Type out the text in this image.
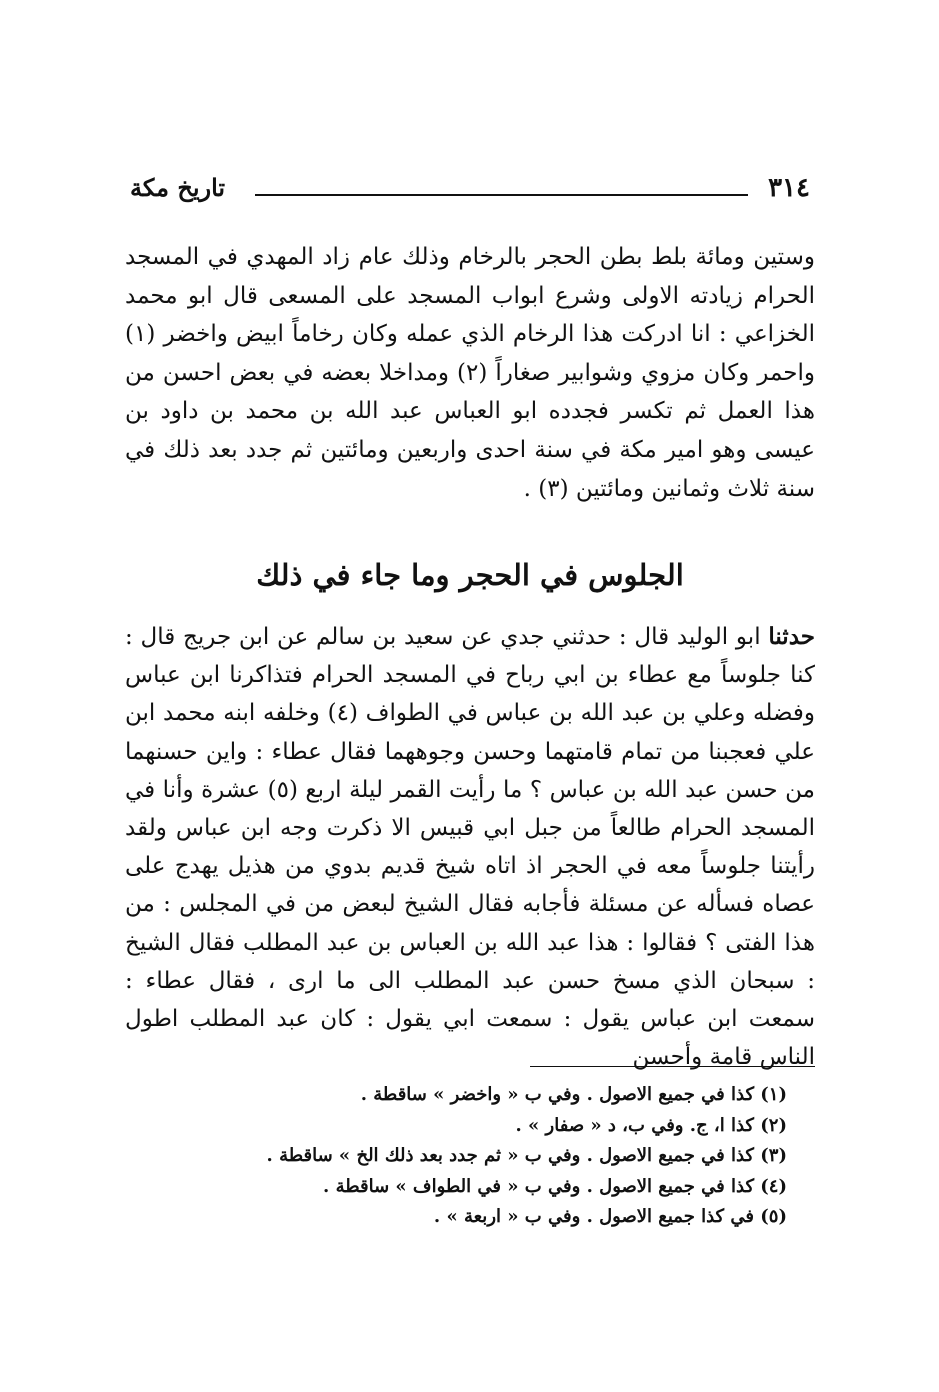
٣١٤
تاريخ مكة

وستين ومائة بلط بطن الحجر بالرخام وذلك عام زاد المهدي في المسجد الحرام زيادته الاولى وشرع ابواب المسجد على المسعى قال ابو محمد الخزاعي : انا ادركت هذا الرخام الذي عمله وكان رخاماً ابيض واخضر (١) واحمر وكان مزوي وشوابير صغاراً (٢) ومداخلا بعضه في بعض احسن من هذا العمل ثم تكسر فجدده ابو العباس عبد الله بن محمد بن داود بن عيسى وهو امير مكة في سنة احدى واربعين ومائتين ثم جدد بعد ذلك في سنة ثلاث وثمانين ومائتين (٣) .

الجلوس في الحجر وما جاء في ذلك

حدثنا ابو الوليد قال : حدثني جدي عن سعيد بن سالم عن ابن جريج قال : كنا جلوساً مع عطاء بن ابي رباح في المسجد الحرام فتذاكرنا ابن عباس وفضله وعلي بن عبد الله بن عباس في الطواف (٤) وخلفه ابنه محمد ابن علي فعجبنا من تمام قامتهما وحسن وجوههما فقال عطاء : واين حسنهما من حسن عبد الله بن عباس ؟ ما رأيت القمر ليلة اربع (٥) عشرة وأنا في المسجد الحرام طالعاً من جبل ابي قبيس الا ذكرت وجه ابن عباس ولقد رأيتنا جلوساً معه في الحجر اذ اتاه شيخ قديم بدوي من هذيل يهدج على عصاه فسأله عن مسئلة فأجابه فقال الشيخ لبعض من في المجلس : من هذا الفتى ؟ فقالوا : هذا عبد الله بن العباس بن عبد المطلب فقال الشيخ : سبحان الذي مسخ حسن عبد المطلب الى ما ارى ، فقال عطاء : سمعت ابن عباس يقول : سمعت ابي يقول : كان عبد المطلب اطول الناس قامة وأحسن

(١) كذا في جميع الاصول . وفي ب « واخضر » ساقطة .
(٢) كذا ا، ج. وفي ب، د « صفار » .
(٣) كذا في جميع الاصول . وفي ب « ثم جدد بعد ذلك الخ » ساقطة .
(٤) كذا في جميع الاصول . وفي ب « في الطواف » ساقطة .
(٥) في كذا جميع الاصول . وفي ب « اربعة » .
